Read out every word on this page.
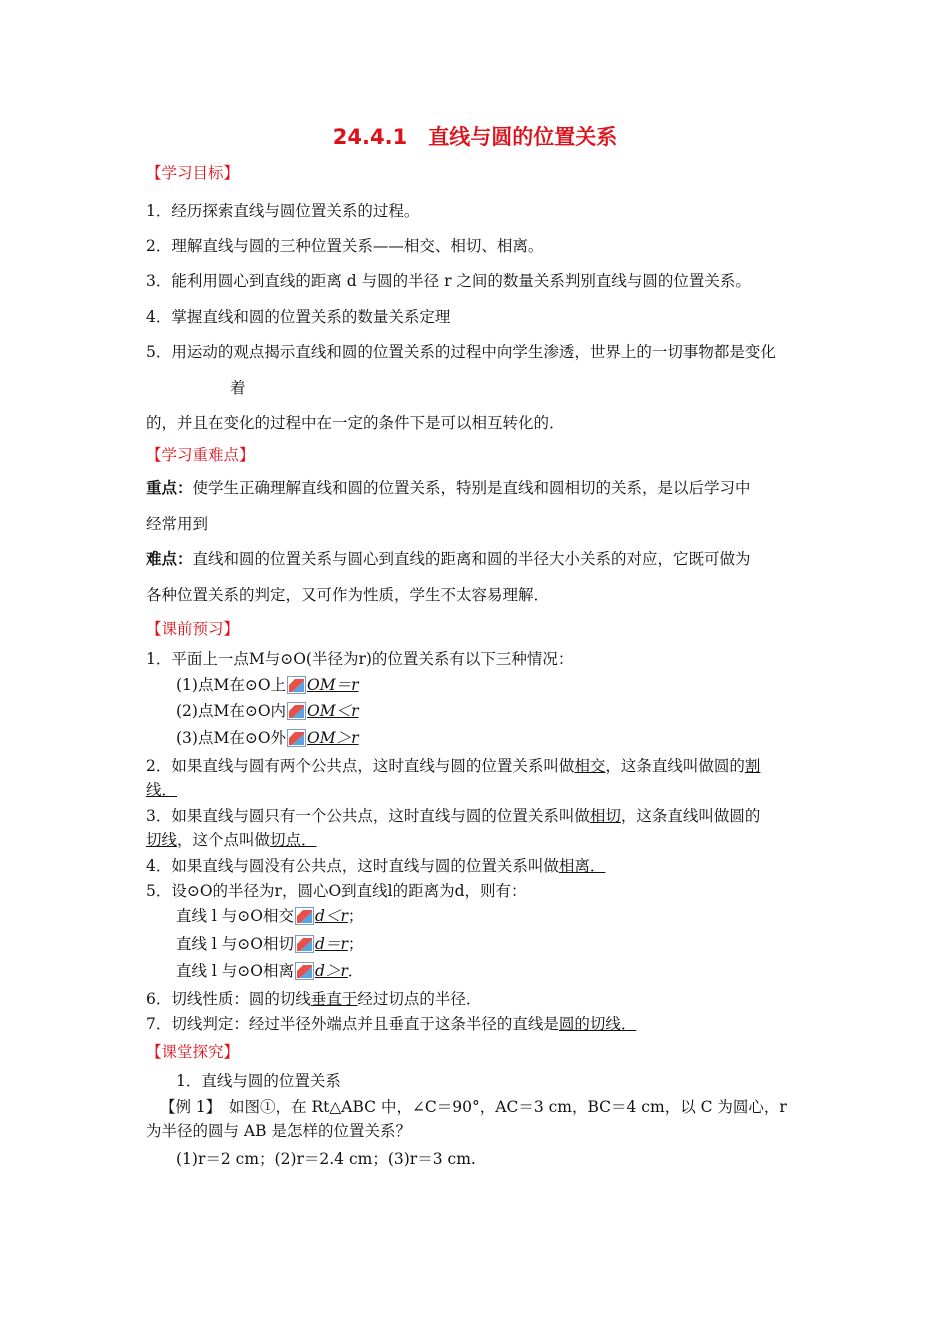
24.4.1　直线与圆的位置关系
【学习目标】
1．经历探索直线与圆位置关系的过程。
2．理解直线与圆的三种位置关系——相交、相切、相离。
3．能利用圆心到直线的距离 d 与圆的半径 r 之间的数量关系判别直线与圆的位置关系。
4．掌握直线和圆的位置关系的数量关系定理
5．用运动的观点揭示直线和圆的位置关系的过程中向学生渗透，世界上的一切事物都是变化
着
的，并且在变化的过程中在一定的条件下是可以相互转化的．
【学习重难点】
重点：使学生正确理解直线和圆的位置关系，特别是直线和圆相切的关系，是以后学习中
经常用到
难点：直线和圆的位置关系与圆心到直线的距离和圆的半径大小关系的对应，它既可做为
各种位置关系的判定，又可作为性质，学生不太容易理解．
【课前预习】
1．平面上一点M与⊙O(半径为r)的位置关系有以下三种情况：
(1)点M在⊙O上 OM＝r
(2)点M在⊙O内 OM＜r
(3)点M在⊙O外 OM＞r
2．如果直线与圆有两个公共点，这时直线与圆的位置关系叫做相交，这条直线叫做圆的割
线．
3．如果直线与圆只有一个公共点，这时直线与圆的位置关系叫做相切，这条直线叫做圆的
切线，这个点叫做切点．
4．如果直线与圆没有公共点，这时直线与圆的位置关系叫做相离．
5．设⊙O的半径为r，圆心O到直线l的距离为d，则有：
直线 l 与⊙O相交 d＜r；
直线 l 与⊙O相切 d＝r；
直线 l 与⊙O相离 d＞r．
6．切线性质：圆的切线垂直于经过切点的半径．
7．切线判定：经过半径外端点并且垂直于这条半径的直线是圆的切线．
【课堂探究】
1．直线与圆的位置关系
【例 1】　如图①，在 Rt△ABC 中，∠C＝90°，AC＝3 cm，BC＝4 cm，以 C 为圆心，r
为半径的圆与 AB 是怎样的位置关系？
(1)r＝2 cm；(2)r＝2.4 cm；(3)r＝3 cm.
